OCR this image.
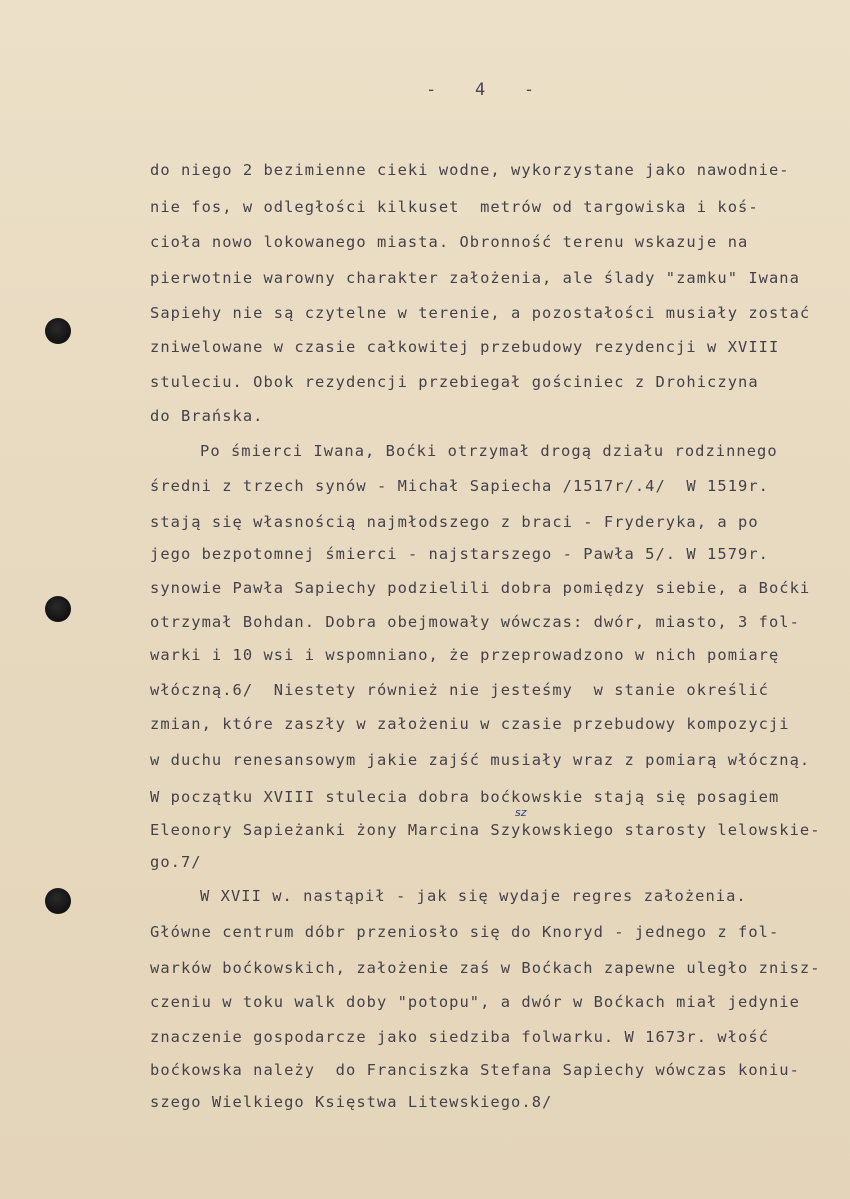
-   4   -
do niego 2 bezimienne cieki wodne, wykorzystane jako nawodnie-
nie fos, w odległości kilkuset  metrów od targowiska i koś-
cioła nowo lokowanego miasta. Obronność terenu wskazuje na
pierwotnie warowny charakter założenia, ale ślady "zamku" Iwana
Sapiehy nie są czytelne w terenie, a pozostałości musiały zostać
zniwelowane w czasie całkowitej przebudowy rezydencji w XVIII
stuleciu. Obok rezydencji przebiegał gościniec z Drohiczyna
do Brańska.
Po śmierci Iwana, Boćki otrzymał drogą działu rodzinnego
średni z trzech synów - Michał Sapiecha /1517r/.4/  W 1519r.
stają się własnością najmłodszego z braci - Fryderyka, a po
jego bezpotomnej śmierci - najstarszego - Pawła 5/. W 1579r.
synowie Pawła Sapiechy podzielili dobra pomiędzy siebie, a Boćki
otrzymał Bohdan. Dobra obejmowały wówczas: dwór, miasto, 3 fol-
warki i 10 wsi i wspomniano, że przeprowadzono w nich pomiarę
włóczną.6/  Niestety również nie jesteśmy  w stanie określić
zmian, które zaszły w założeniu w czasie przebudowy kompozycji
w duchu renesansowym jakie zajść musiały wraz z pomiarą włóczną.
W początku XVIII stulecia dobra boćkowskie stają się posagiem
Eleonory Sapieżanki żony Marcina Szykowskiego starosty lelowskie-
go.7/
W XVII w. nastąpił - jak się wydaje regres założenia.
Główne centrum dóbr przeniosło się do Knoryd - jednego z fol-
warków boćkowskich, założenie zaś w Boćkach zapewne uległo znisz-
czeniu w toku walk doby "potopu", a dwór w Boćkach miał jedynie
znaczenie gospodarcze jako siedziba folwarku. W 1673r. włość
boćkowska należy  do Franciszka Stefana Sapiechy wówczas koniu-
szego Wielkiego Księstwa Litewskiego.8/
sz
